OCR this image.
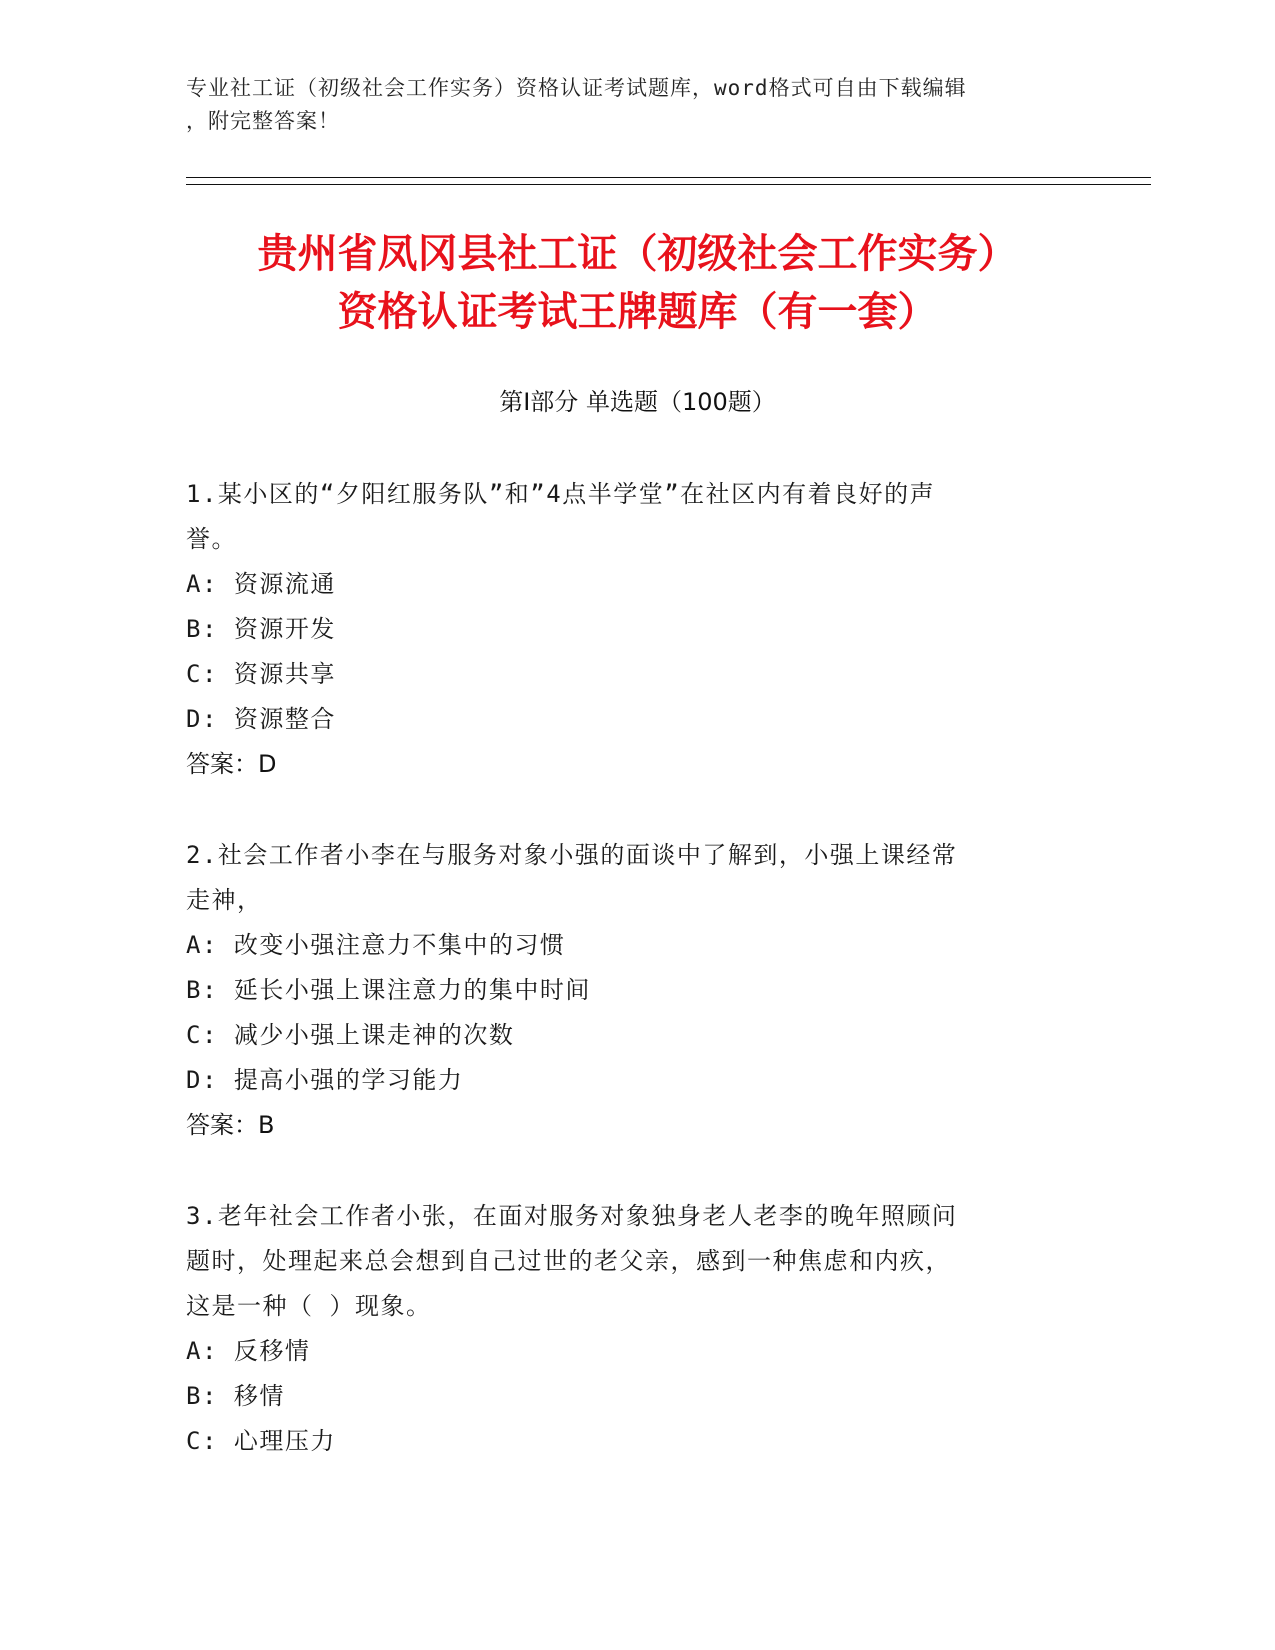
专业社工证（初级社会工作实务）资格认证考试题库，word格式可自由下载编辑
，附完整答案！
贵州省凤冈县社工证（初级社会工作实务）
资格认证考试王牌题库（有一套）
第Ⅰ部分 单选题（100题）
1.某小区的“夕阳红服务队”和”4点半学堂”在社区内有着良好的声
誉。
A: 资源流通
B: 资源开发
C: 资源共享
D: 资源整合
答案：D
2.社会工作者小李在与服务对象小强的面谈中了解到，小强上课经常
走神，
A: 改变小强注意力不集中的习惯
B: 延长小强上课注意力的集中时间
C: 减少小强上课走神的次数
D: 提高小强的学习能力
答案：B
3.老年社会工作者小张，在面对服务对象独身老人老李的晚年照顾问
题时，处理起来总会想到自己过世的老父亲，感到一种焦虑和内疚，
这是一种（ ）现象。
A: 反移情
B: 移情
C: 心理压力
